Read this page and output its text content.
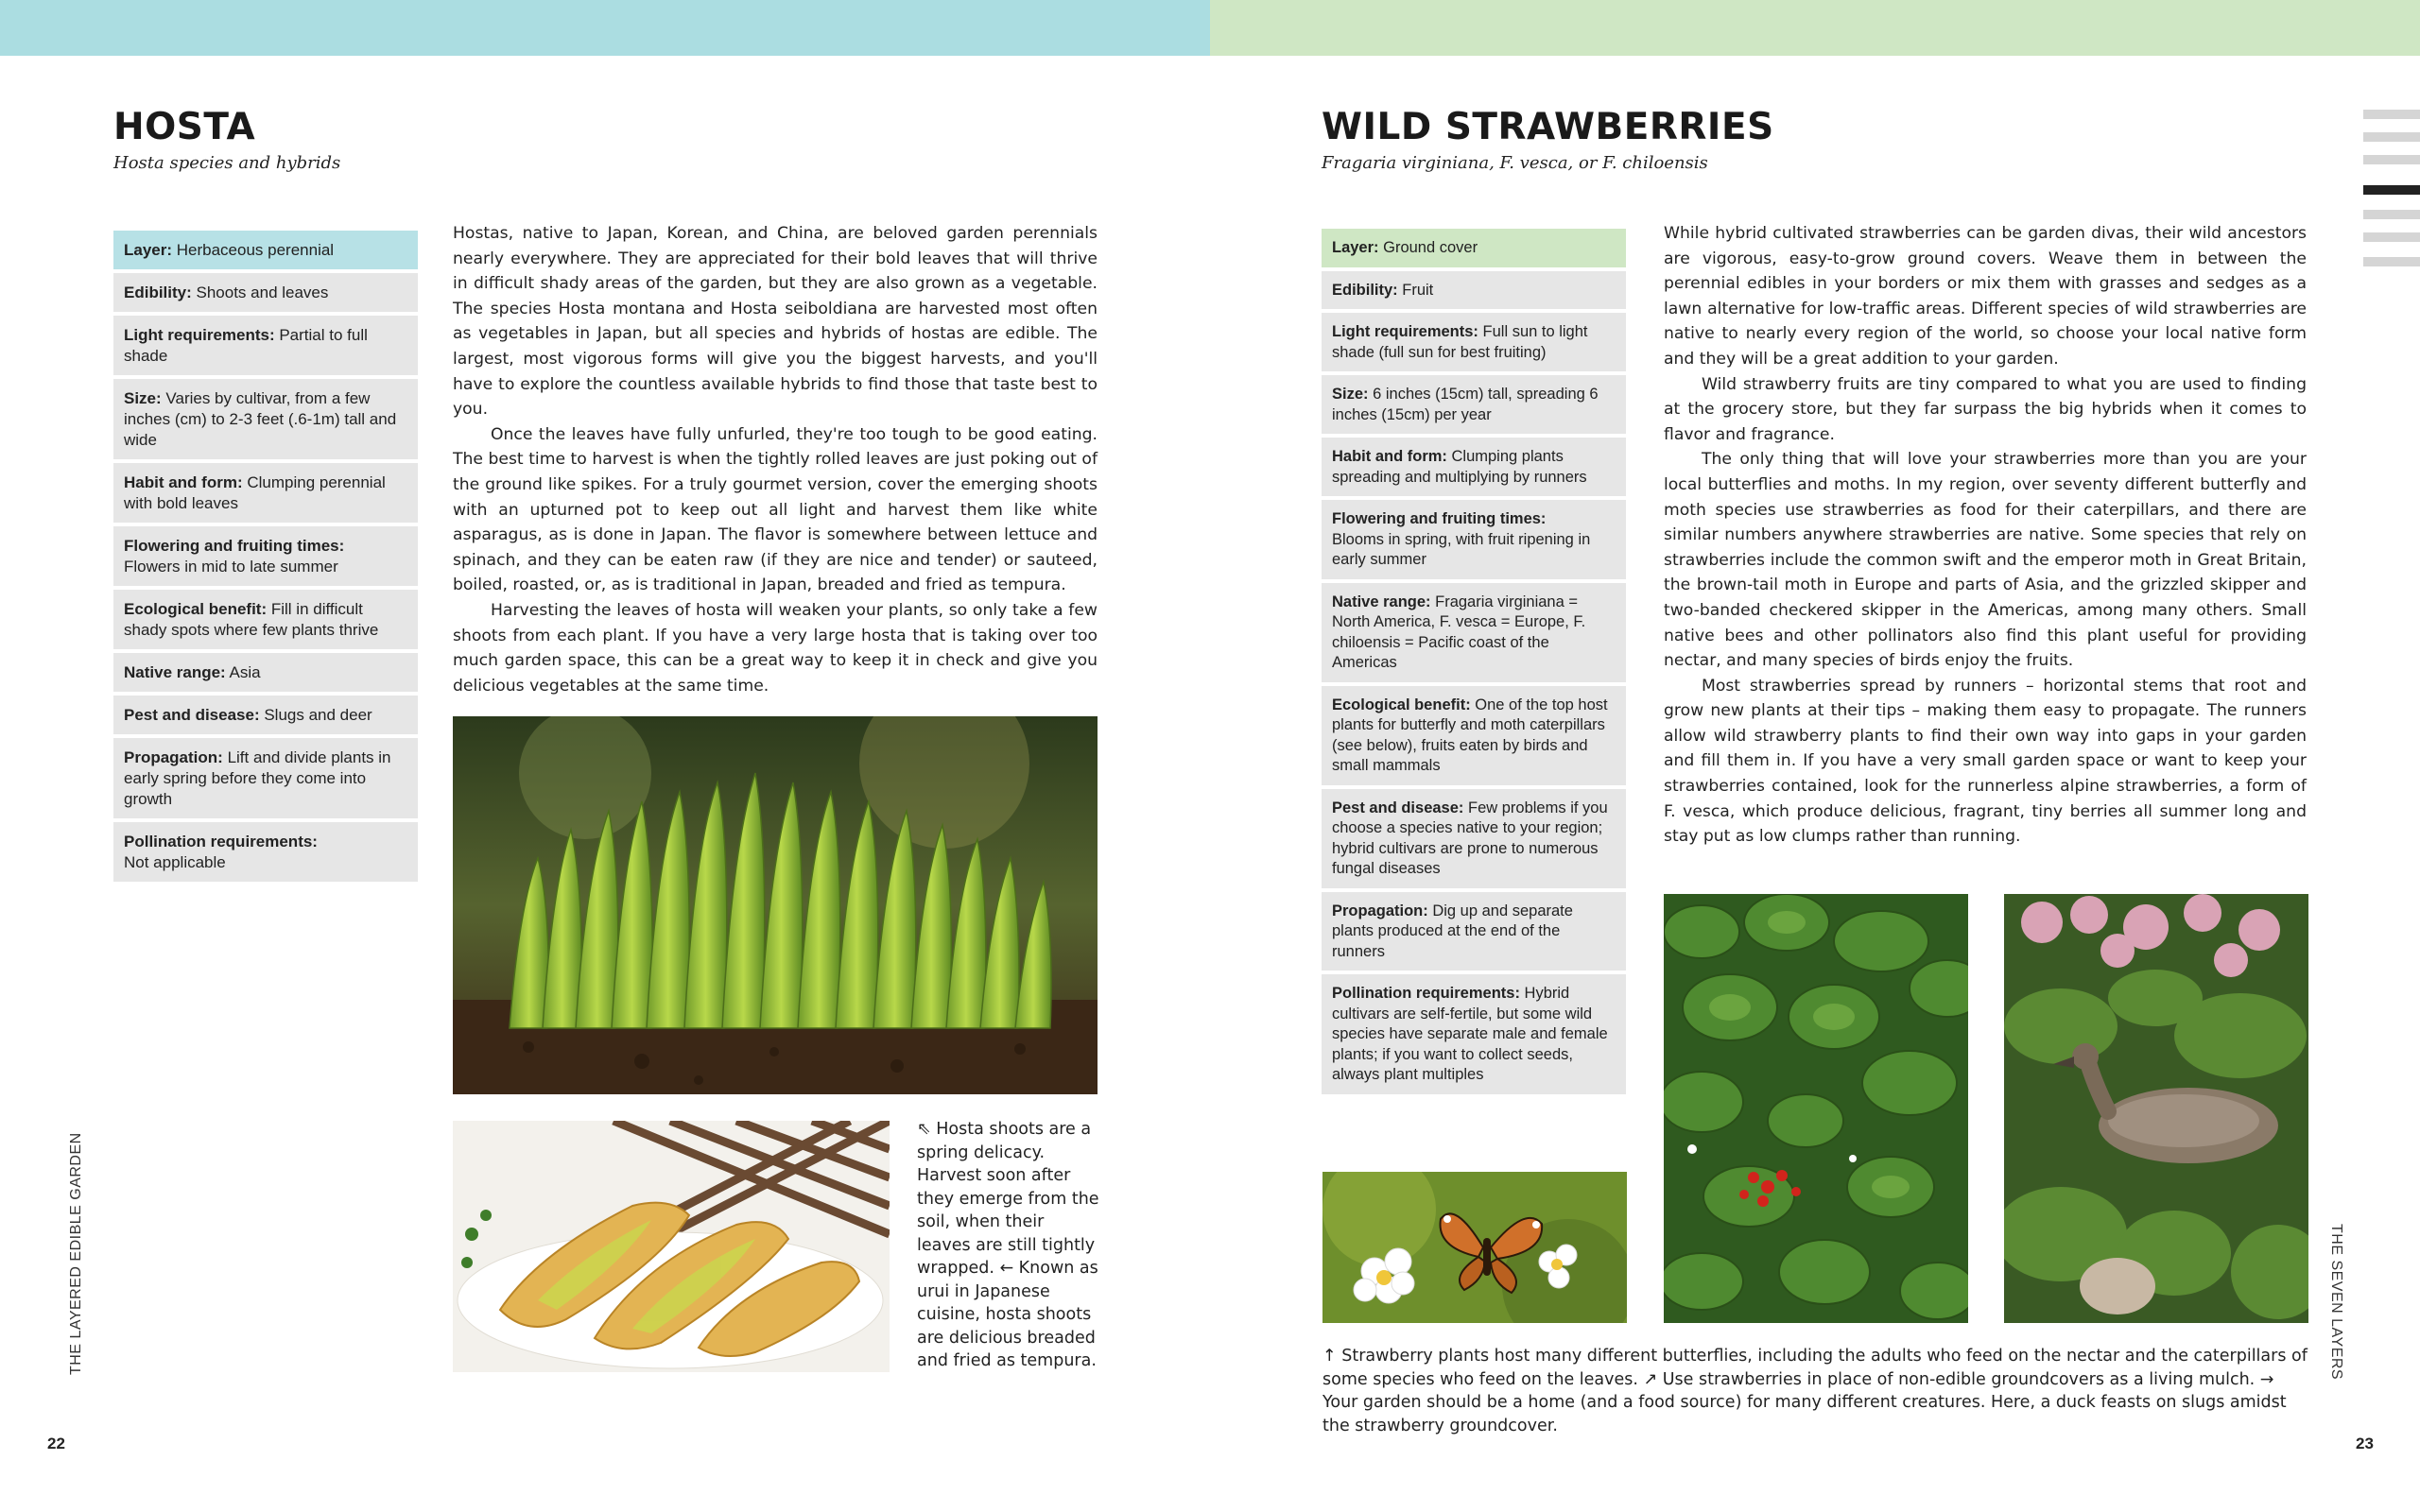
HOSTA
Hosta species and hybrids
Layer: Herbaceous perennial
Edibility: Shoots and leaves
Light requirements: Partial to full shade
Size: Varies by cultivar, from a few inches (cm) to 2-3 feet (.6-1m) tall and wide
Habit and form: Clumping perennial with bold leaves
Flowering and fruiting times:
Flowers in mid to late summer
Ecological benefit: Fill in difficult shady spots where few plants thrive
Native range: Asia
Pest and disease: Slugs and deer
Propagation: Lift and divide plants in early spring before they come into growth
Pollination requirements:
Not applicable

Hostas, native to Japan, Korean, and China, are beloved garden perennials nearly everywhere. They are appreciated for their bold leaves that will thrive in difficult shady areas of the garden, but they are also grown as a vegetable. The species Hosta montana and Hosta seiboldiana are harvested most often as vegetables in Japan, but all species and hybrids of hostas are edible. The largest, most vigorous forms will give you the biggest harvests, and you'll have to explore the countless available hybrids to find those that taste best to you.

Once the leaves have fully unfurled, they're too tough to be good eating. The best time to harvest is when the tightly rolled leaves are just poking out of the ground like spikes. For a truly gourmet version, cover the emerging shoots with an upturned pot to keep out all light and harvest them like white asparagus, as is done in Japan. The flavor is somewhere between lettuce and spinach, and they can be eaten raw (if they are nice and tender) or sauteed, boiled, roasted, or, as is traditional in Japan, breaded and fried as tempura.

Harvesting the leaves of hosta will weaken your plants, so only take a few shoots from each plant. If you have a very large hosta that is taking over too much garden space, this can be a great way to keep it in check and give you delicious vegetables at the same time.

⇖ Hosta shoots are a spring delicacy. Harvest soon after they emerge from the soil, when their leaves are still tightly wrapped. ← Known as urui in Japanese cuisine, hosta shoots are delicious breaded and fried as tempura.
THE LAYERED EDIBLE GARDEN
22
WILD STRAWBERRIES
Fragaria virginiana, F. vesca, or F. chiloensis
Layer: Ground cover
Edibility: Fruit
Light requirements: Full sun to light shade (full sun for best fruiting)
Size: 6 inches (15cm) tall, spreading 6 inches (15cm) per year
Habit and form: Clumping plants spreading and multiplying by runners
Flowering and fruiting times:
Blooms in spring, with fruit ripening in early summer
Native range: Fragaria virginiana = North America, F. vesca = Europe, F. chiloensis = Pacific coast of the Americas
Ecological benefit: One of the top host plants for butterfly and moth caterpillars (see below), fruits eaten by birds and small mammals
Pest and disease: Few problems if you choose a species native to your region; hybrid cultivars are prone to numerous fungal diseases
Propagation: Dig up and separate plants produced at the end of the runners
Pollination requirements: Hybrid cultivars are self-fertile, but some wild species have separate male and female plants; if you want to collect seeds, always plant multiples

While hybrid cultivated strawberries can be garden divas, their wild ancestors are vigorous, easy-to-grow ground covers. Weave them in between the perennial edibles in your borders or mix them with grasses and sedges as a lawn alternative for low-traffic areas. Different species of wild strawberries are native to nearly every region of the world, so choose your local native form and they will be a great addition to your garden.

Wild strawberry fruits are tiny compared to what you are used to finding at the grocery store, but they far surpass the big hybrids when it comes to flavor and fragrance.

The only thing that will love your strawberries more than you are your local butterflies and moths. In my region, over seventy different butterfly and moth species use strawberries as food for their caterpillars, and there are similar numbers anywhere strawberries are native. Some species that rely on strawberries include the common swift and the emperor moth in Great Britain, the brown-tail moth in Europe and parts of Asia, and the grizzled skipper and two-banded checkered skipper in the Americas, among many others. Small native bees and other pollinators also find this plant useful for providing nectar, and many species of birds enjoy the fruits.

Most strawberries spread by runners – horizontal stems that root and grow new plants at their tips – making them easy to propagate. The runners allow wild strawberry plants to find their own way into gaps in your garden and fill them in. If you have a very small garden space or want to keep your strawberries contained, look for the runnerless alpine strawberries, a form of F. vesca, which produce delicious, fragrant, tiny berries all summer long and stay put as low clumps rather than running.

↑ Strawberry plants host many different butterflies, including the adults who feed on the nectar and the caterpillars of some species who feed on the leaves. ↗ Use strawberries in place of non-edible groundcovers as a living mulch. → Your garden should be a home (and a food source) for many different creatures. Here, a duck feasts on slugs amidst the strawberry groundcover.
THE SEVEN LAYERS
23
